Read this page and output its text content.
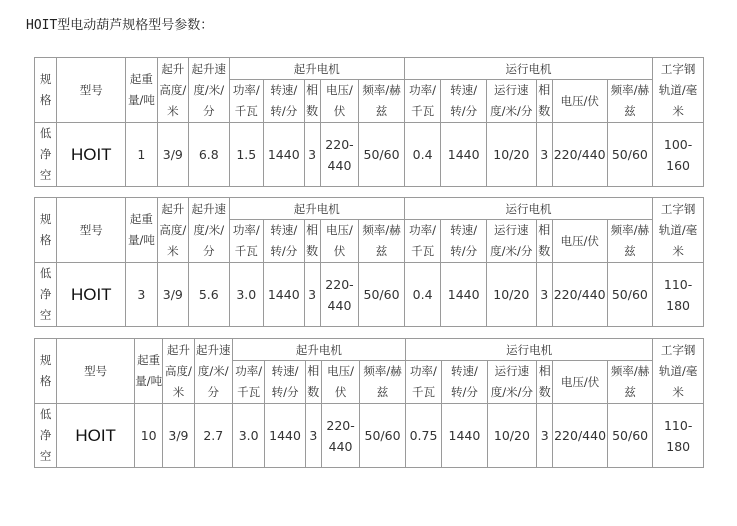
HOIT型电动葫芦规格型号参数：
规
格	型号	起重
量/吨	起升
高度/米	起升速
度/米/分	起升电机					运行电机						工字钢
轨道/毫
米

					功率/
千瓦	转速/
转/分	相
数	电压/
伏	频率/赫
兹	功率/
千瓦	转速/
转/分	运行速
度/米/分	相
数	电压/伏	频率/赫
兹	

低
净
空	HOIT	1	3/9	6.8	1.5	1440	3	220-
440	50/60	0.4	1440	10/20	3	220/440	50/60	100-
160
规
格	型号	起重
量/吨	起升
高度/米	起升速
度/米/分	起升电机					运行电机						工字钢
轨道/毫
米

					功率/
千瓦	转速/
转/分	相
数	电压/
伏	频率/赫
兹	功率/
千瓦	转速/
转/分	运行速
度/米/分	相
数	电压/伏	频率/赫
兹	

低
净
空	HOIT	3	3/9	5.6	3.0	1440	3	220-
440	50/60	0.4	1440	10/20	3	220/440	50/60	110-
180
规
格	型号	起重
量/吨	起升
高度/米	起升速
度/米/分	起升电机					运行电机						工字钢
轨道/毫
米

					功率/
千瓦	转速/
转/分	相
数	电压/
伏	频率/赫
兹	功率/
千瓦	转速/
转/分	运行速
度/米/分	相
数	电压/伏	频率/赫
兹	

低
净
空	HOIT	10	3/9	2.7	3.0	1440	3	220-
440	50/60	0.75	1440	10/20	3	220/440	50/60	110-
180
